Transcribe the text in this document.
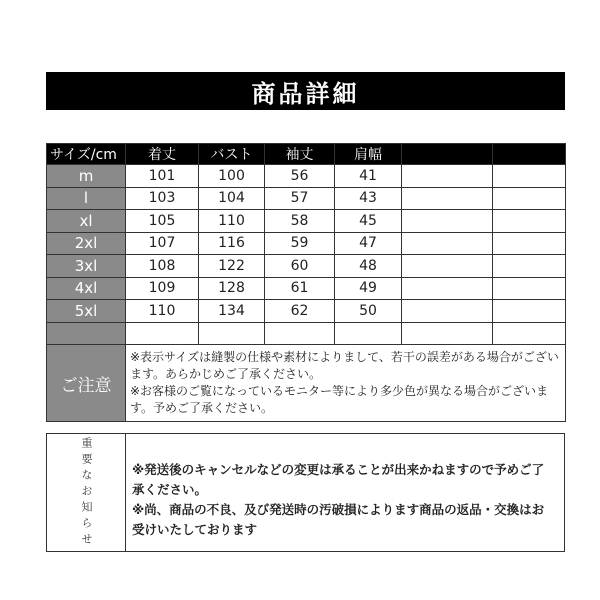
商品詳細
サイズ/cm	着丈	バスト	袖丈	肩幅		
m	101	100	56	41		
l	103	104	57	43		
xl	105	110	58	45		
2xl	107	116	59	47		
3xl	108	122	60	48		
4xl	109	128	61	49		
5xl	110	134	62	50		

ご注意	※表示サイズは縫製の仕様や素材によりまして、若干の誤差がある場合がございます。あらかじめご了承ください。
※お客様のご覧になっているモニター等により多少色が異なる場合がございます。予めご了承ください。					
重要なお知らせ	※発送後のキャンセルなどの変更は承ることが出来かねますので予めご了承ください。

※尚、商品の不良、及び発送時の汚破損によります商品の返品・交換はお受けいたしております
